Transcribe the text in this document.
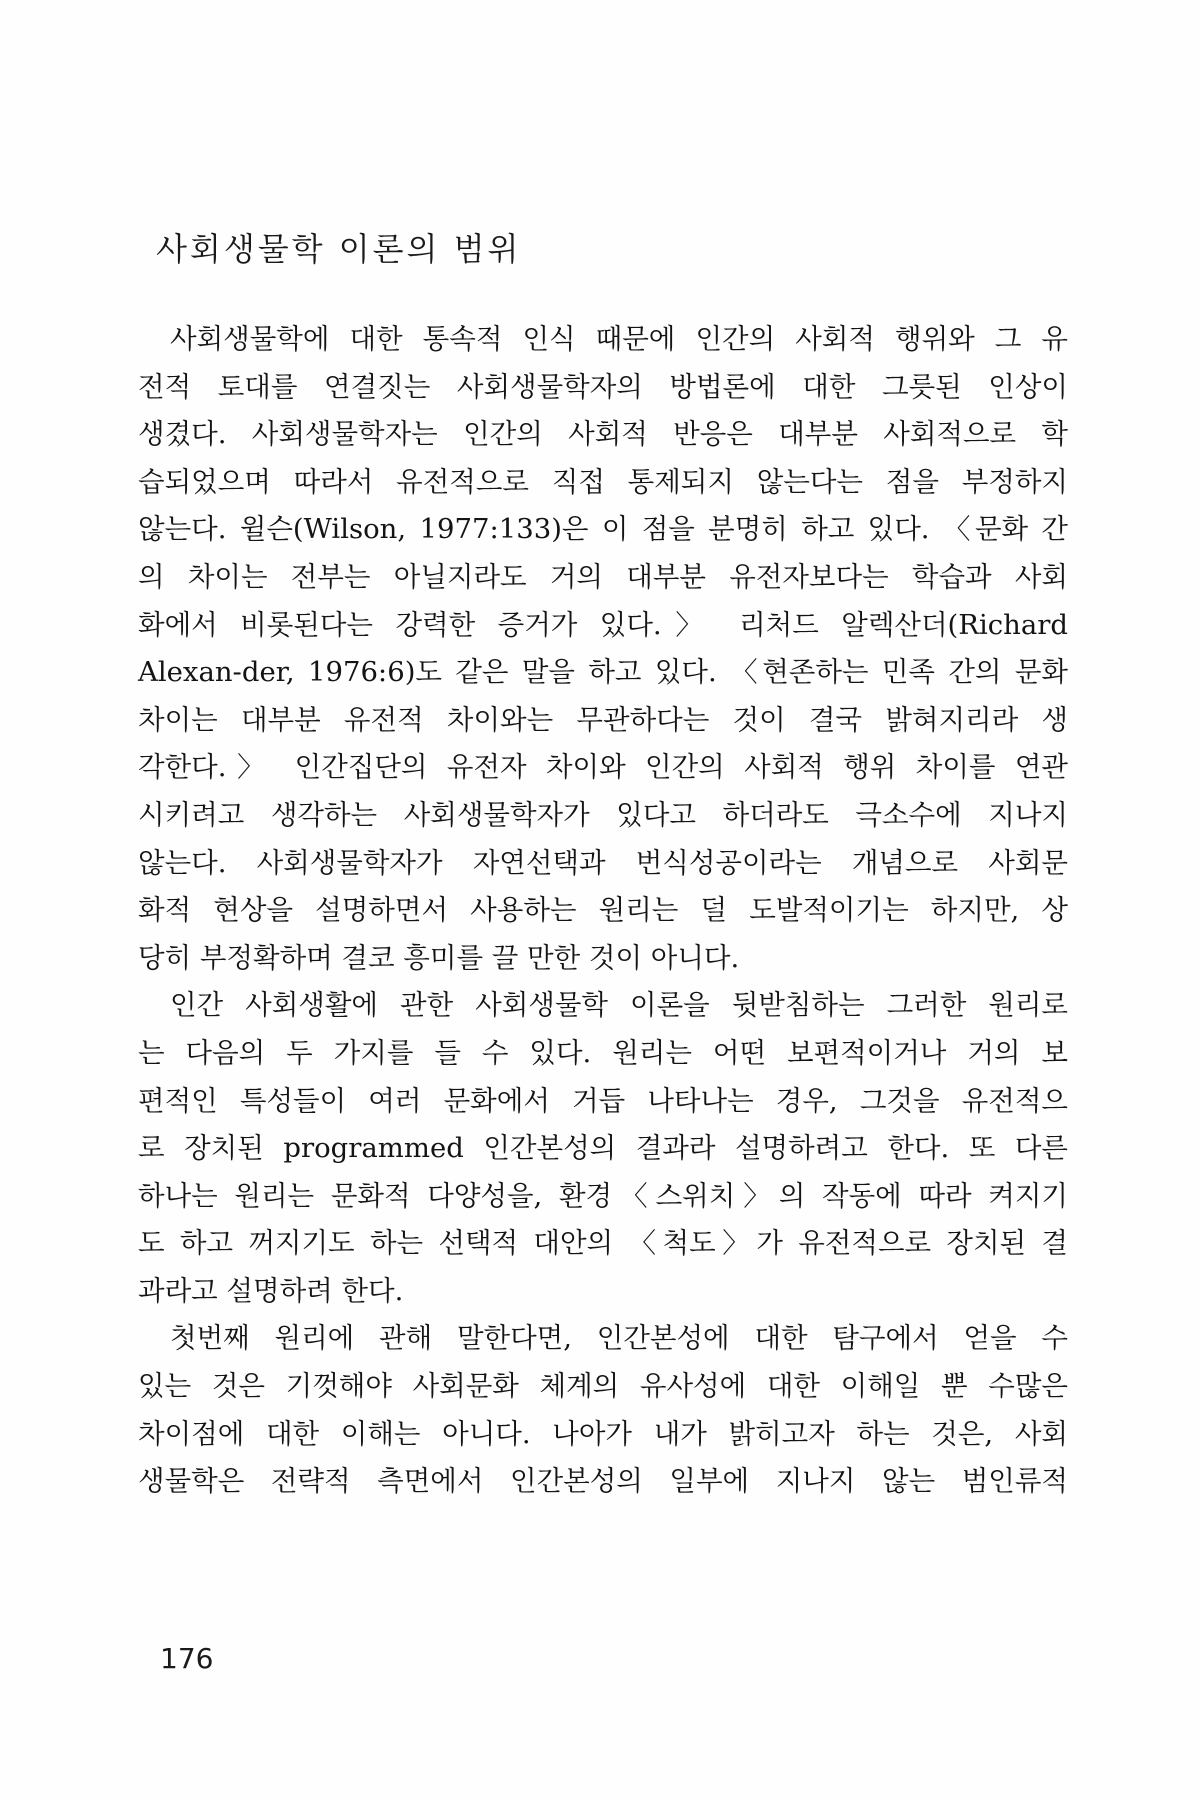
사회생물학 이론의 범위

사회생물학에 대한 통속적 인식 때문에 인간의 사회적 행위와 그 유

전적 토대를 연결짓는 사회생물학자의 방법론에 대한 그릇된 인상이

생겼다. 사회생물학자는 인간의 사회적 반응은 대부분 사회적으로 학

습되었으며 따라서 유전적으로 직접 통제되지 않는다는 점을 부정하지

않는다. 윌슨(Wilson, 1977:133)은 이 점을 분명히 하고 있다. 〈문화 간

의 차이는 전부는 아닐지라도 거의 대부분 유전자보다는 학습과 사회

화에서 비롯된다는 강력한 증거가 있다.〉 리처드 알렉산더(Richard

Alexan-der, 1976:6)도 같은 말을 하고 있다. 〈현존하는 민족 간의 문화

차이는 대부분 유전적 차이와는 무관하다는 것이 결국 밝혀지리라 생

각한다.〉 인간집단의 유전자 차이와 인간의 사회적 행위 차이를 연관

시키려고 생각하는 사회생물학자가 있다고 하더라도 극소수에 지나지

않는다. 사회생물학자가 자연선택과 번식성공이라는 개념으로 사회문

화적 현상을 설명하면서 사용하는 원리는 덜 도발적이기는 하지만, 상

당히 부정확하며 결코 흥미를 끌 만한 것이 아니다.

인간 사회생활에 관한 사회생물학 이론을 뒷받침하는 그러한 원리로

는 다음의 두 가지를 들 수 있다. 원리는 어떤 보편적이거나 거의 보

편적인 특성들이 여러 문화에서 거듭 나타나는 경우, 그것을 유전적으

로 장치된 programmed 인간본성의 결과라 설명하려고 한다. 또 다른

하나는 원리는 문화적 다양성을, 환경〈스위치〉의 작동에 따라 켜지기

도 하고 꺼지기도 하는 선택적 대안의 〈척도〉가 유전적으로 장치된 결

과라고 설명하려 한다.

첫번째 원리에 관해 말한다면, 인간본성에 대한 탐구에서 얻을 수

있는 것은 기껏해야 사회문화 체계의 유사성에 대한 이해일 뿐 수많은

차이점에 대한 이해는 아니다. 나아가 내가 밝히고자 하는 것은, 사회

생물학은 전략적 측면에서 인간본성의 일부에 지나지 않는 범인류적

176
